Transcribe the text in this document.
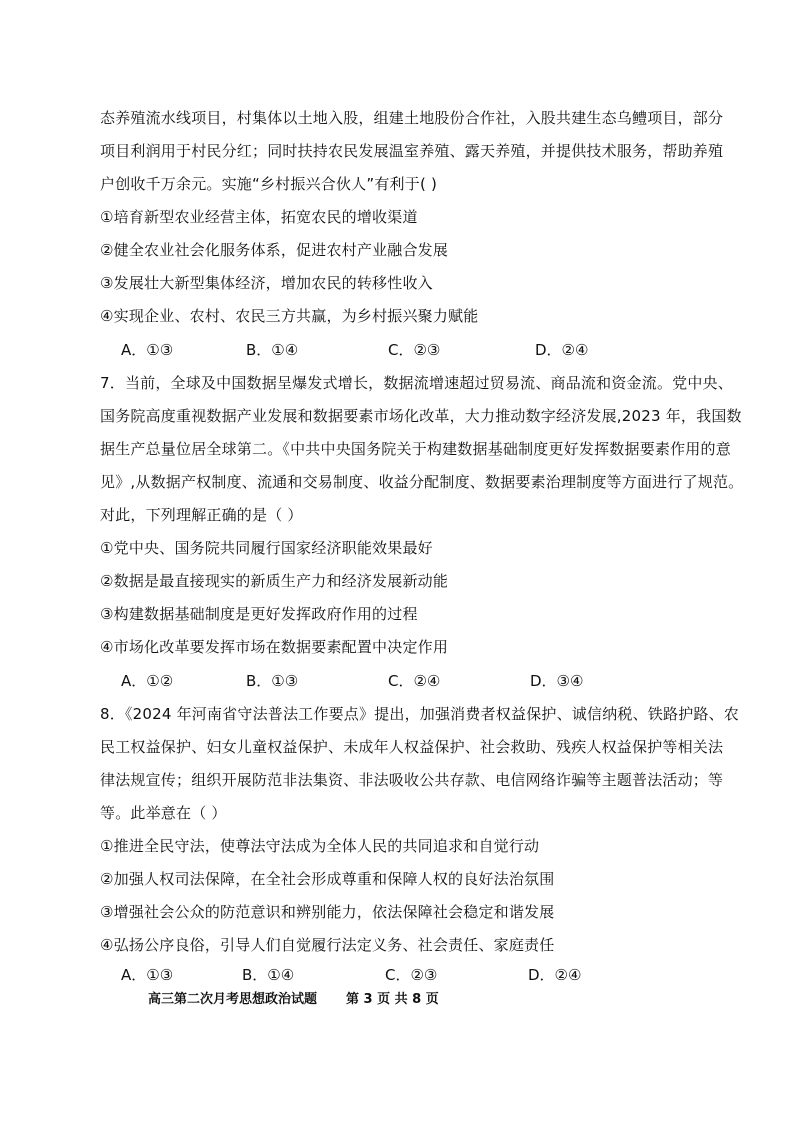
态养殖流水线项目，村集体以土地入股，组建土地股份合作社，入股共建生态乌鳢项目，部分
项目利润用于村民分红；同时扶持农民发展温室养殖、露天养殖，并提供技术服务，帮助养殖
户创收千万余元。实施“乡村振兴合伙人”有利于( )
①培育新型农业经营主体，拓宽农民的增收渠道
②健全农业社会化服务体系，促进农村产业融合发展
③发展壮大新型集体经济，增加农民的转移性收入
④实现企业、农村、农民三方共赢，为乡村振兴聚力赋能
A．①③	B．①④	C．②③	D．②④
7．当前，全球及中国数据呈爆发式增长，数据流增速超过贸易流、商品流和资金流。党中央、
国务院高度重视数据产业发展和数据要素市场化改革，大力推动数字经济发展,2023 年，我国数
据生产总量位居全球第二。《中共中央国务院关于构建数据基础制度更好发挥数据要素作用的意
见》,从数据产权制度、流通和交易制度、收益分配制度、数据要素治理制度等方面进行了规范。
对此，下列理解正确的是（ ）
①党中央、国务院共同履行国家经济职能效果最好
②数据是最直接现实的新质生产力和经济发展新动能
③构建数据基础制度是更好发挥政府作用的过程
④市场化改革要发挥市场在数据要素配置中决定作用
A．①②	B．①③	C．②④	D．③④
8．《2024 年河南省守法普法工作要点》提出，加强消费者权益保护、诚信纳税、铁路护路、农
民工权益保护、妇女儿童权益保护、未成年人权益保护、社会救助、残疾人权益保护等相关法
律法规宣传；组织开展防范非法集资、非法吸收公共存款、电信网络诈骗等主题普法活动；等
等。此举意在（ ）
①推进全民守法，使尊法守法成为全体人民的共同追求和自觉行动
②加强人权司法保障，在全社会形成尊重和保障人权的良好法治氛围
③增强社会公众的防范意识和辨别能力，依法保障社会稳定和谐发展
④弘扬公序良俗，引导人们自觉履行法定义务、社会责任、家庭责任
A．①③	B．①④	C．②③	D．②④
高三第二次月考思想政治试题 第 3 页 共 8 页
